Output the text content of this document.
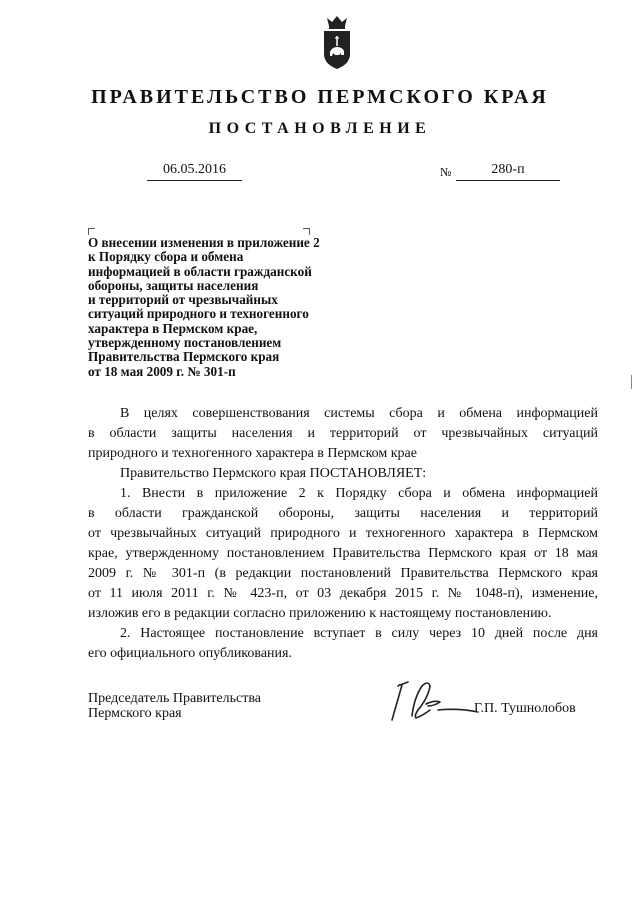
ПРАВИТЕЛЬСТВО ПЕРМСКОГО КРАЯ
ПОСТАНОВЛЕНИЕ
06.05.2016	№	280-п
О внесении изменения в приложение 2
к Порядку сбора и обмена
информацией в области гражданской
обороны, защиты населения
и территорий от чрезвычайных
ситуаций природного и техногенного
характера в Пермском крае,
утвержденному постановлением
Правительства Пермского края
от 18 мая 2009 г. № 301-п
В целях совершенствования системы сбора и обмена информацией
в области защиты населения и территорий от чрезвычайных ситуаций
природного и техногенного характера в Пермском крае
Правительство Пермского края ПОСТАНОВЛЯЕТ:
1. Внести в приложение 2 к Порядку сбора и обмена информацией
в области гражданской обороны, защиты населения и территорий
от чрезвычайных ситуаций природного и техногенного характера в Пермском
крае, утвержденному постановлением Правительства Пермского края от 18 мая
2009 г. № 301-п (в редакции постановлений Правительства Пермского края
от 11 июля 2011 г. № 423-п, от 03 декабря 2015 г. № 1048-п), изменение,
изложив его в редакции согласно приложению к настоящему постановлению.
2. Настоящее постановление вступает в силу через 10 дней после дня
его официального опубликования.
Председатель Правительства
Пермского края	Г.П. Тушнолобов
